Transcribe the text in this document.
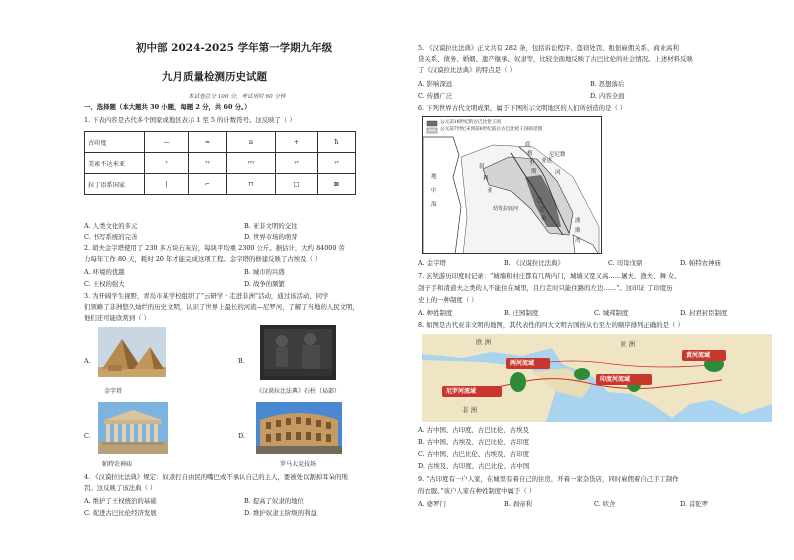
初中部 2024-2025 学年第一学期九年级
九月质量检测历史试题
本试卷总分 100 分，考试用时 60 分钟
一、选择题（本大题共 30 小题，每题 2 分，共 60 分。）
1. 下表内容是古代多个国家或地区表示 1 至 5 的计数符号。这反映了（ ）
古印度	—	=	≡	+	ħ
美索不达米亚	ᵞ	ᵞᵞ	ᵞᵞᵞ	ᵞᵞ	ᵞᵞ
拉丁语系国家	|	⌐	⊓	□	⊠
A. 人类文化的多元	B. 亚非文明的交往
C. 书写系统的完善	D. 世界市场的萌芽
2. 胡夫金字塔使用了 230 多万块石灰岩，每块平均重 2300 公斤。据估计，大约 84000 劳
力每年工作 80 天，耗时 20 年才能完成这项工程。金字塔的修建反映了古埃及（ ）
A. 环境的优越	B. 城市的兴盛
C. 王权的强大	D. 战争的频繁
3. 为开阔学生视野，青岛市某学校组织了“云研学 · 走进非洲”活动，通过该活动，同学
们领略了非洲悠久灿烂的历史文明，认识了世界上最长的河流—尼罗河，了解了当地的人民文明，
他们还可能欣赏到（ ）
A.
金字塔
B.
《汉谟拉比法典》石柱（局部）
C.
帕特农神庙
D.
罗马大竞技场
4. 《汉谟拉比法典》规定：奴隶打自由民的嘴巴或不承认自己的主人，要被处以割掉耳朵的刑
罚。这反映了该法典（ ）
A. 维护了王权统治的基础	B. 提高了奴隶的地位
C. 促进古巴比伦经济发展	D. 维护奴隶主阶级的利益
5. 《汉谟拉比法典》正文共有 282 条，包括诉讼程序、盗窃处罚、租佃雇佣关系、商业高利
贷关系、债务、婚姻、遗产继承、奴隶等，比较全面地反映了古巴比伦的社会情况。上述材料反映
了《汉谟拉比法典》的特点是（ ）
A. 影响深远	B. 思想落后
C. 传播广泛	D. 内容全面
6. 下列世界古代文明成果，属于下图所示文明地区的人们所创造的是（ ）
公元前18世纪的古巴比伦王国
公元前7世纪末到前6世纪前后古巴比伦王国的范围
地
中
海
叙
利
亚
底
格
里
斯	河
亚述
巴
比
伦
尼尼微
幼发拉底河
波
斯
湾
A. 金字塔	B. 《汉谟拉比法典》	C. 司母戊鼎	D. 帕特农神庙
7. 玄奘游历印度时记录：“城墙和村庄都有几两内门，城墙又宽又高……屠夫、渔夫、舞 女、
刽子手和清道夫之类的人不能住在城里，且行走时只能住路的左边……”。这印证 了印度历
史上的一种制度（ ）
A. 种姓制度	B. 庄园制度	C. 城邦制度	D. 封君封臣制度
8. 如图是古代亚非文明的地图，其代表性的四大文明古国按从右至左的顺序排列正确的是（ ）
欧 洲	亚 洲
两河流域
尼罗河流域
印度河流域
黄河流域
非 洲
A. 古中国、古印度、古巴比伦、古埃及
B. 古中国、古埃及、古巴比伦、古印度
C. 古中国、古巴比伦、古埃及、古印度
D. 古埃及、古印度、古巴比伦、古中国
9. “古印度有一户人家，在城里有着自己的住房，开着一家杂货店，同时雇佣着自己手工制作
的衣服。”该户人家在种姓制度中属于（ ）
A. 婆罗门	B. 刹帝利	C. 吠舍	D. 首陀罗
